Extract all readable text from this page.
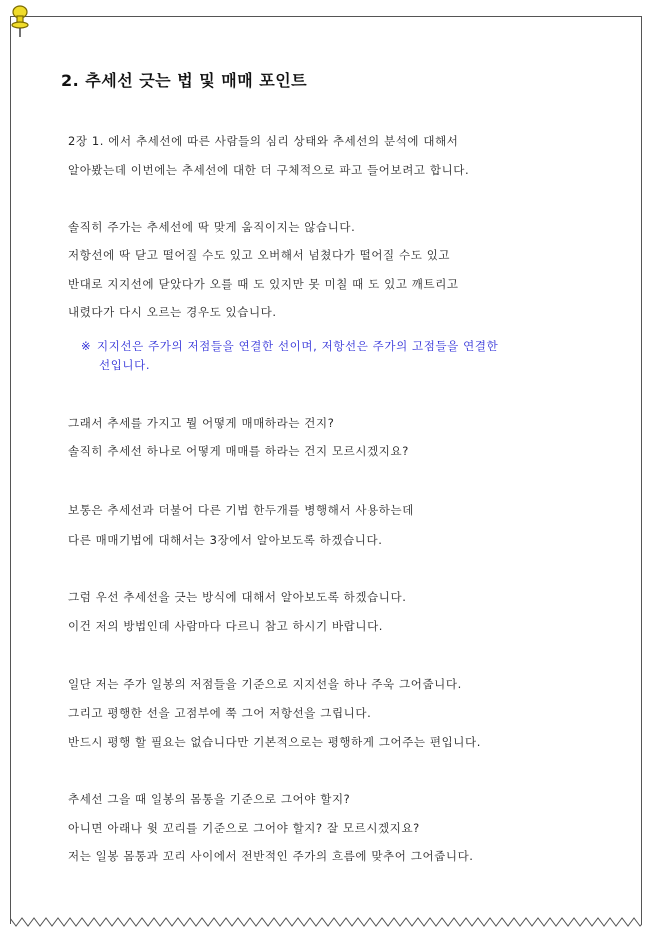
2. 추세선 긋는 법 및 매매 포인트
2장 1. 에서 추세선에 따른 사람들의 심리 상태와 추세선의 분석에 대해서
알아봤는데 이번에는 추세선에 대한 더 구체적으로 파고 들어보려고 합니다.
솔직히 주가는 추세선에 딱 맞게 움직이지는 않습니다.
저항선에 딱 닫고 떨어질 수도 있고 오버해서 넘쳤다가 떨어질 수도 있고
반대로 지지선에 닫았다가 오를 때 도 있지만 못 미칠 때 도 있고 깨트리고
내렸다가 다시 오르는 경우도 있습니다.
※ 지지선은 주가의 저점들을 연결한 선이며, 저항선은 주가의 고점들을 연결한
선입니다.
그래서 추세를 가지고 뭘 어떻게 매매하라는 건지?
솔직히 추세선 하나로 어떻게 매매를 하라는 건지 모르시겠지요?
보통은 추세선과 더불어 다른 기법 한두개를 병행해서 사용하는데
다른 매매기법에 대해서는 3장에서 알아보도록 하겠습니다.
그럼 우선 추세선을 긋는 방식에 대해서 알아보도록 하겠습니다.
이건 저의 방법인데 사람마다 다르니 참고 하시기 바랍니다.
일단 저는 주가 일봉의 저점들을 기준으로 지지선을 하나 주욱 그어줍니다.
그리고 평행한 선을 고점부에 쭉 그어 저항선을 그립니다.
반드시 평행 할 필요는 없습니다만 기본적으로는 평행하게 그어주는 편입니다.
추세선 그을 때 일봉의 몸통을 기준으로 그어야 할지?
아니면 아래나 윗 꼬리를 기준으로 그어야 할지? 잘 모르시겠지요?
저는 일봉 몸통과 꼬리 사이에서 전반적인 주가의 흐름에 맞추어 그어줍니다.
